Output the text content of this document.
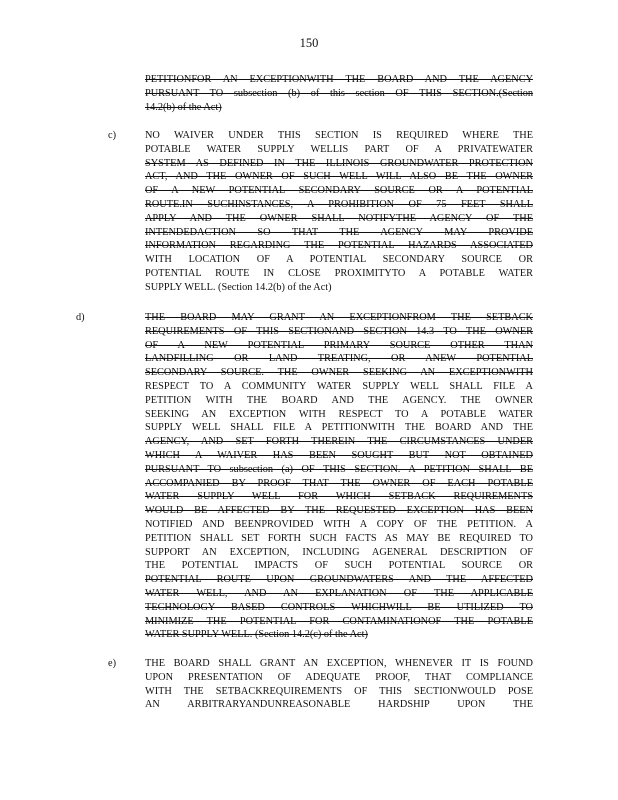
150
PETITIONFOR AN EXCEPTIONWITH THE BOARD AND THE AGENCY
PURSUANT TO subsection (b) of this section OF THIS SECTION.(Section
14.2(b) of the Act)
c)	NO WAIVER UNDER THIS SECTION IS REQUIRED WHERE THE
POTABLE WATER SUPPLY WELLIS PART OF A PRIVATEWATER
SYSTEM AS DEFINED IN THE ILLINOIS GROUNDWATER PROTECTION
ACT, AND THE OWNER OF SUCH WELL WILL ALSO BE THE OWNER
OF A NEW POTENTIAL SECONDARY SOURCE OR A POTENTIAL
ROUTE.IN SUCHINSTANCES, A PROHIBITION OF 75 FEET SHALL
APPLY AND THE OWNER SHALL NOTIFYTHE AGENCY OF THE
INTENDEDACTION SO THAT THE AGENCY MAY PROVIDE
INFORMATION REGARDING THE POTENTIAL HAZARDS ASSOCIATED
WITH LOCATION OF A POTENTIAL SECONDARY SOURCE OR
POTENTIAL ROUTE IN CLOSE PROXIMITYTO A POTABLE WATER
SUPPLY WELL. (Section 14.2(b) of the Act)
d)	THE BOARD MAY GRANT AN EXCEPTIONFROM THE SETBACK
REQUIREMENTS OF THIS SECTIONAND SECTION 14.3 TO THE OWNER
OF A NEW POTENTIAL PRIMARY SOURCE OTHER THAN
LANDFILLING OR LAND TREATING, OR ANEW POTENTIAL
SECONDARY SOURCE. THE OWNER SEEKING AN EXCEPTIONWITH
RESPECT TO A COMMUNITY WATER SUPPLY WELL SHALL FILE A
PETITION WITH THE BOARD AND THE AGENCY. THE OWNER
SEEKING AN EXCEPTION WITH RESPECT TO A POTABLE WATER
SUPPLY WELL SHALL FILE A PETITIONWITH THE BOARD AND THE
AGENCY, AND SET FORTH THEREIN THE CIRCUMSTANCES UNDER
WHICH A WAIVER HAS BEEN SOUGHT BUT NOT OBTAINED
PURSUANT TO subsection (a) OF THIS SECTION. A PETITION SHALL BE
ACCOMPANIED BY PROOF THAT THE OWNER OF EACH POTABLE
WATER SUPPLY WELL FOR WHICH SETBACK REQUIREMENTS
WOULD BE AFFECTED BY THE REQUESTED EXCEPTION HAS BEEN
NOTIFIED AND BEENPROVIDED WITH A COPY OF THE PETITION. A
PETITION SHALL SET FORTH SUCH FACTS AS MAY BE REQUIRED TO
SUPPORT AN EXCEPTION, INCLUDING AGENERAL DESCRIPTION OF
THE POTENTIAL IMPACTS OF SUCH POTENTIAL SOURCE OR
POTENTIAL ROUTE UPON GROUNDWATERS AND THE AFFECTED
WATER WELL, AND AN EXPLANATION OF THE APPLICABLE
TECHNOLOGY BASED CONTROLS WHICHWILL BE UTILIZED TO
MINIMIZE THE POTENTIAL FOR CONTAMINATIONOF THE POTABLE
WATER SUPPLY WELL. (Section 14.2(c) of the Act)
e)	THE BOARD SHALL GRANT AN EXCEPTION, WHENEVER IT IS FOUND
UPON PRESENTATION OF ADEQUATE PROOF, THAT COMPLIANCE
WITH THE SETBACKREQUIREMENTS OF THIS SECTIONWOULD POSE
AN ARBITRARYANDUNREASONABLE HARDSHIP UPON THE
